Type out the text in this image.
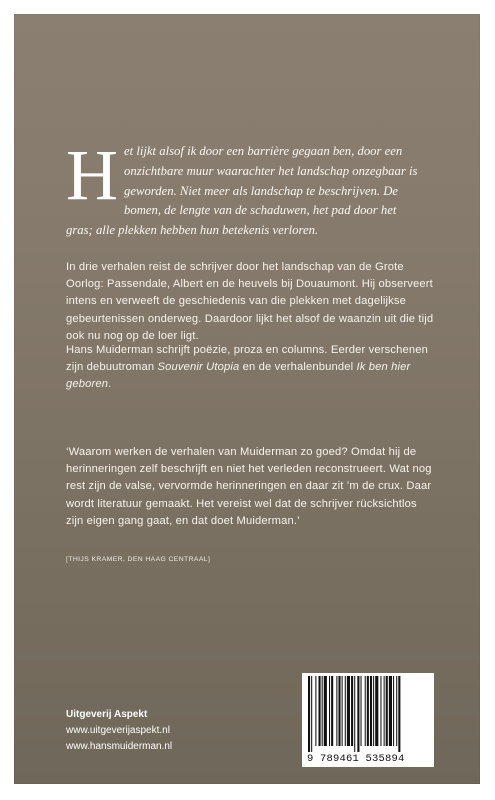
Het lijkt alsof ik door een barrière gegaan ben, door een onzichtbare muur waarachter het landschap onzegbaar is geworden. Niet meer als landschap te beschrijven. De bomen, de lengte van de schaduwen, het pad door het gras; alle plekken hebben hun betekenis verloren.
In drie verhalen reist de schrijver door het landschap van de Grote Oorlog: Passendale, Albert en de heuvels bij Douaumont. Hij observeert intens en verweeft de geschiedenis van die plekken met dagelijkse gebeurtenissen onderweg. Daardoor lijkt het alsof de waanzin uit die tijd ook nu nog op de loer ligt.
Hans Muiderman schrijft poëzie, proza en columns. Eerder verschenen zijn debuutroman Souvenir Utopia en de verhalenbundel Ik ben hier geboren.
‘Waarom werken de verhalen van Muiderman zo goed? Omdat hij de herinneringen zelf beschrijft en niet het verleden reconstrueert. Wat nog rest zijn de valse, vervormde herinneringen en daar zit ’m de crux. Daar wordt literatuur gemaakt. Het vereist wel dat de schrijver rücksichtlos zijn eigen gang gaat, en dat doet Muiderman.’
[THIJS KRAMER, DEN HAAG CENTRAAL]
Uitgeverij Aspekt
www.uitgeverijaspekt.nl
www.hansmuiderman.nl
9 789461 535894
